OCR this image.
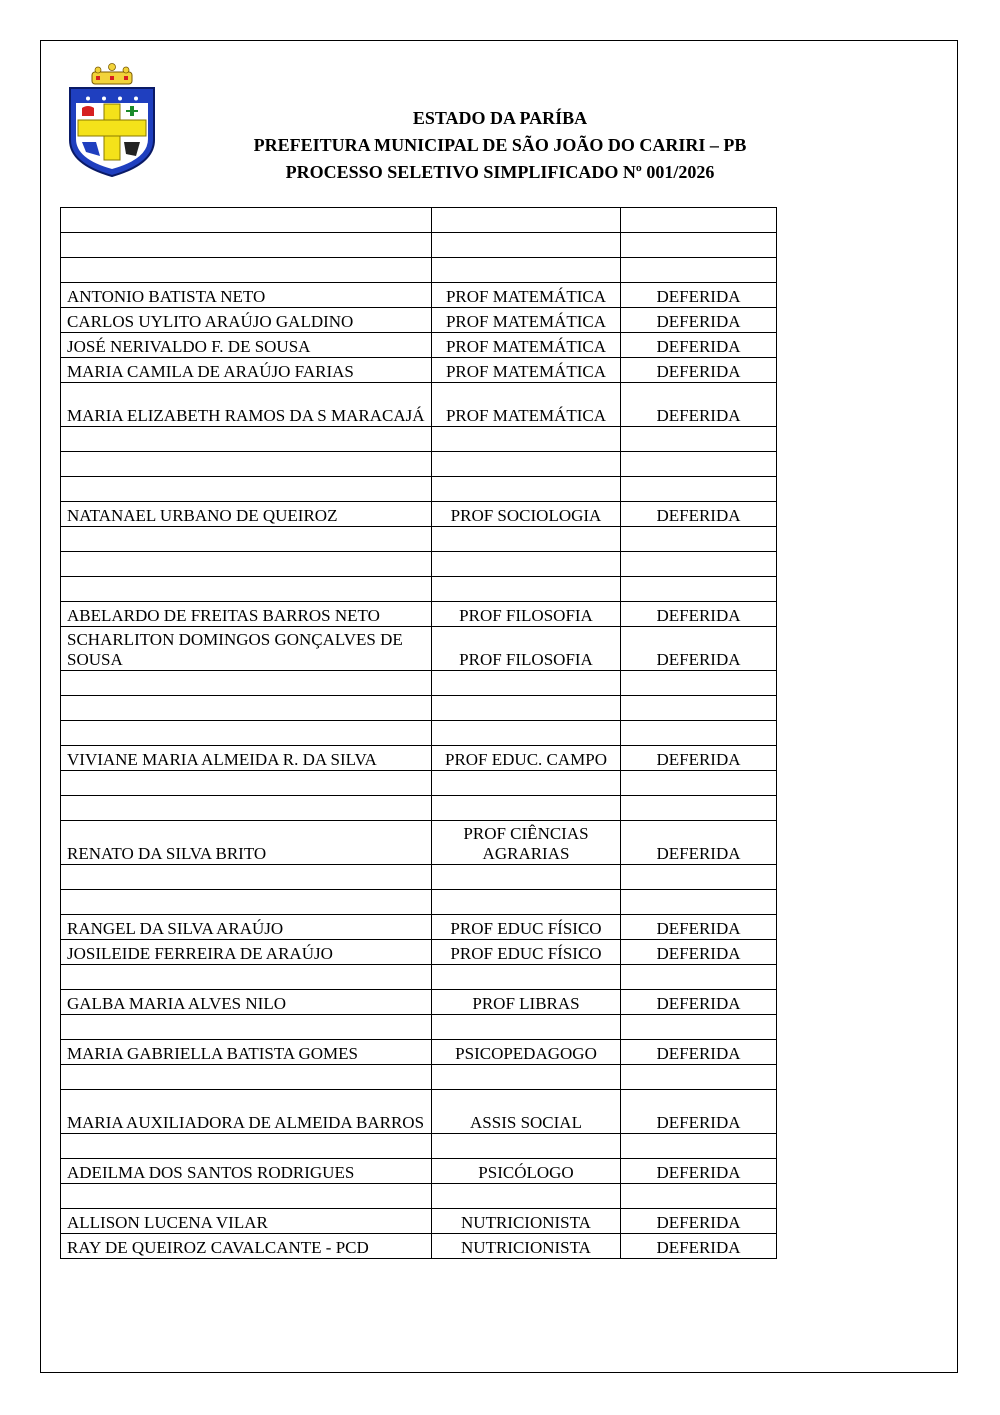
ESTADO DA PARÍBA
PREFEITURA MUNICIPAL DE SÃO JOÃO DO CARIRI – PB
PROCESSO SELETIVO SIMPLIFICADO Nº 001/2026

ANTONIO BATISTA NETO	PROF MATEMÁTICA	DEFERIDA
CARLOS UYLITO ARAÚJO GALDINO	PROF MATEMÁTICA	DEFERIDA
JOSÉ NERIVALDO F. DE SOUSA	PROF MATEMÁTICA	DEFERIDA
MARIA CAMILA DE ARAÚJO FARIAS	PROF MATEMÁTICA	DEFERIDA
MARIA ELIZABETH RAMOS DA S MARACAJÁ	PROF MATEMÁTICA	DEFERIDA

NATANAEL URBANO DE QUEIROZ	PROF SOCIOLOGIA	DEFERIDA

ABELARDO DE FREITAS BARROS NETO	PROF FILOSOFIA	DEFERIDA
SCHARLITON DOMINGOS GONÇALVES DE SOUSA	PROF FILOSOFIA	DEFERIDA

VIVIANE MARIA ALMEIDA R. DA SILVA	PROF EDUC. CAMPO	DEFERIDA

RENATO DA SILVA BRITO	PROF CIÊNCIAS AGRARIAS	DEFERIDA

RANGEL DA SILVA ARAÚJO	PROF EDUC FÍSICO	DEFERIDA
JOSILEIDE FERREIRA DE ARAÚJO	PROF EDUC FÍSICO	DEFERIDA

GALBA MARIA ALVES NILO	PROF LIBRAS	DEFERIDA

MARIA GABRIELLA BATISTA GOMES	PSICOPEDAGOGO	DEFERIDA

MARIA AUXILIADORA DE ALMEIDA BARROS	ASSIS SOCIAL	DEFERIDA

ADEILMA DOS SANTOS RODRIGUES	PSICÓLOGO	DEFERIDA

ALLISON LUCENA VILAR	NUTRICIONISTA	DEFERIDA
RAY DE QUEIROZ CAVALCANTE - PCD	NUTRICIONISTA	DEFERIDA
